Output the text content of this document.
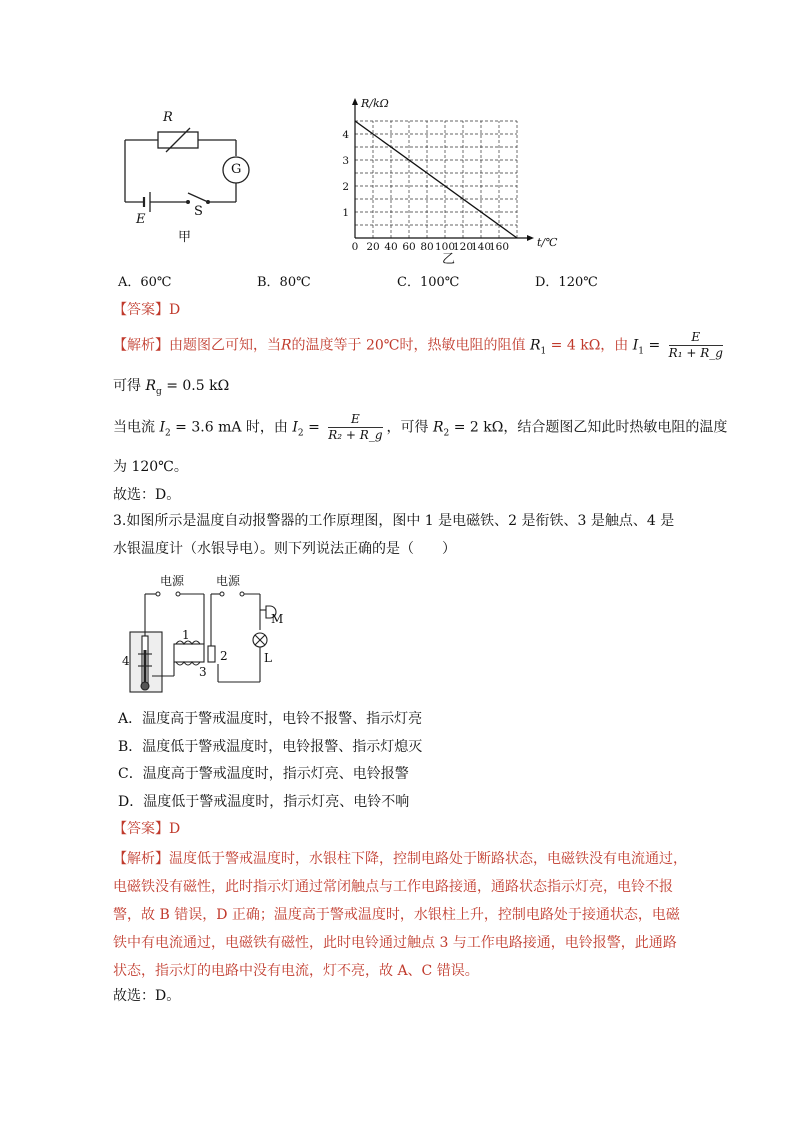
R
G
E
S
甲
0 20 40 60 80 100
120
140
160
1
2
3
4
R/kΩ
t/℃
乙
A．60℃	B．80℃	C．100℃	D．120℃
【答案】D
【解析】由题图乙可知，当R的温度等于 20℃时，热敏电阻的阻值 $R_1 = 4$ kΩ，由 $I_1 = \frac{E}{\text{R₁ + R\_g}}$
可得 $R_g = 0.5$ kΩ
当电流 $I_2 = 3.6$ mA 时，由 $I_2 = \frac{E}{\text{R₂ + R\_g}}$ ，可得 $R_2 = 2$ kΩ，结合题图乙知此时热敏电阻的温度
为 120℃。
故选：D。
3.如图所示是温度自动报警器的工作原理图，图中 1 是电磁铁、2 是衔铁、3 是触点、4 是
水银温度计（水银导电）。则下列说法正确的是（　　）
电源	电源
M
L
1
2
3
4
A．温度高于警戒温度时，电铃不报警、指示灯亮
B．温度低于警戒温度时，电铃报警、指示灯熄灭
C．温度高于警戒温度时，指示灯亮、电铃报警
D．温度低于警戒温度时，指示灯亮、电铃不响
【答案】D
【解析】温度低于警戒温度时，水银柱下降，控制电路处于断路状态，电磁铁没有电流通过，
电磁铁没有磁性，此时指示灯通过常闭触点与工作电路接通，通路状态指示灯亮，电铃不报
警，故 B 错误，D 正确；温度高于警戒温度时，水银柱上升，控制电路处于接通状态，电磁
铁中有电流通过，电磁铁有磁性，此时电铃通过触点 3 与工作电路接通，电铃报警，此通路
状态，指示灯的电路中没有电流，灯不亮，故 A、C 错误。
故选：D。
